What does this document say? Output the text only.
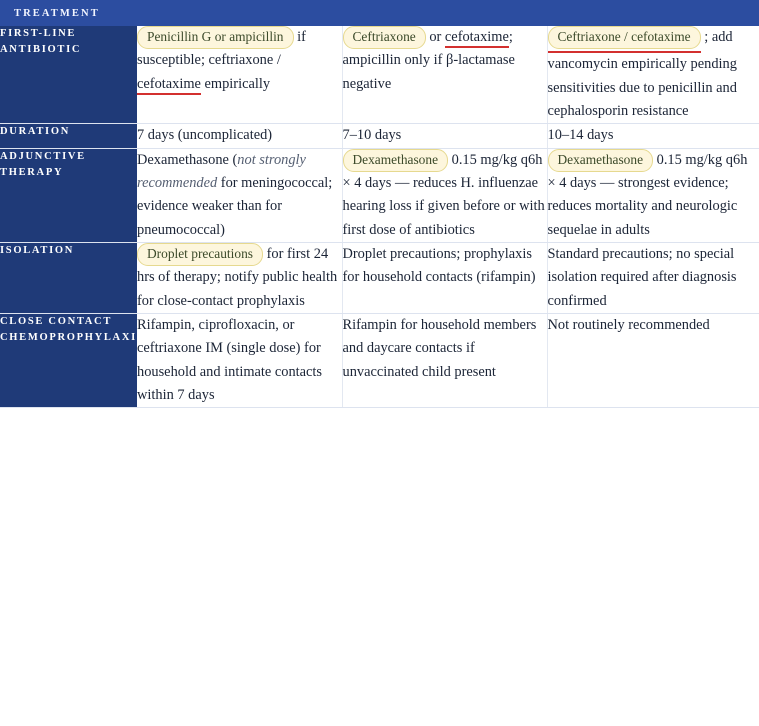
TREATMENT
FIRST-LINE ANTIBIOTIC	Penicillin G or ampicillin if susceptible; ceftriaxone / cefotaxime empirically	Ceftriaxone or cefotaxime; ampicillin only if β-lactamase negative	Ceftriaxone / cefotaxime ; add vancomycin empirically pending sensitivities due to penicillin and cephalosporin resistance

DURATION	7 days (uncomplicated)	7–10 days	10–14 days

ADJUNCTIVE THERAPY	Dexamethasone (not strongly recommended for meningococcal; evidence weaker than for pneumococcal)	Dexamethasone 0.15 mg/kg q6h × 4 days — reduces H. influenzae hearing loss if given before or with first dose of antibiotics	Dexamethasone 0.15 mg/kg q6h × 4 days — strongest evidence; reduces mortality and neurologic sequelae in adults

ISOLATION	Droplet precautions for first 24 hrs of therapy; notify public health for close-contact prophylaxis	Droplet precautions; prophylaxis for household contacts (rifampin)	Standard precautions; no special isolation required after diagnosis confirmed

CLOSE CONTACT CHEMOPROPHYLAXIS	Rifampin, ciprofloxacin, or ceftriaxone IM (single dose) for household and intimate contacts within 7 days	Rifampin for household members and daycare contacts if unvaccinated child present	Not routinely recommended
